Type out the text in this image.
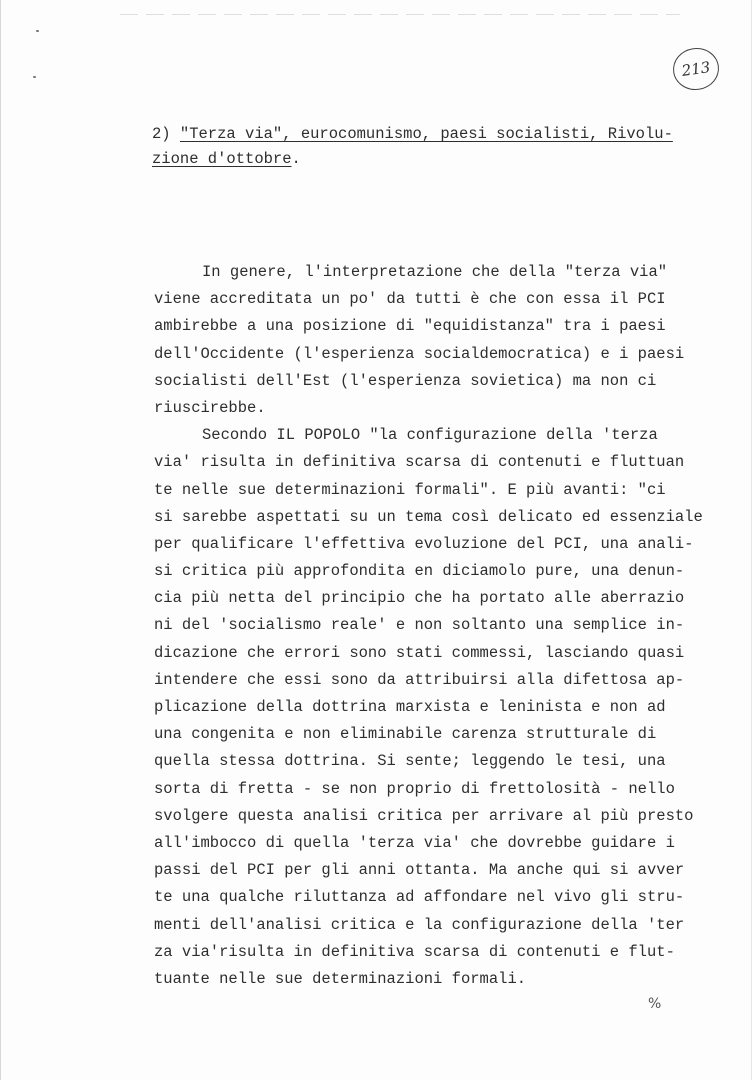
213
2) "Terza via", eurocomunismo, paesi socialisti, Rivolu-
zione d'ottobre.
In genere, l'interpretazione che della "terza via"
viene accreditata un po' da tutti è che con essa il PCI
ambirebbe a una posizione di "equidistanza" tra i paesi
dell'Occidente (l'esperienza socialdemocratica) e i paesi
socialisti dell'Est (l'esperienza sovietica) ma non ci
riuscirebbe.
Secondo IL POPOLO "la configurazione della 'terza
via' risulta in definitiva scarsa di contenuti e fluttuan
te nelle sue determinazioni formali". E più avanti: "ci
si sarebbe aspettati su un tema così delicato ed essenziale
per qualificare l'effettiva evoluzione del PCI, una anali-
si critica più approfondita en diciamolo pure, una denun-
cia più netta del principio che ha portato alle aberrazio
ni del 'socialismo reale' e non soltanto una semplice in-
dicazione che errori sono stati commessi, lasciando quasi
intendere che essi sono da attribuirsi alla difettosa ap-
plicazione della dottrina marxista e leninista e non ad
una congenita e non eliminabile carenza strutturale di
quella stessa dottrina. Si sente; leggendo le tesi, una
sorta di fretta - se non proprio di frettolosità - nello
svolgere questa analisi critica per arrivare al più presto
all'imbocco di quella 'terza via' che dovrebbe guidare i
passi del PCI per gli anni ottanta. Ma anche qui si avver
te una qualche riluttanza ad affondare nel vivo gli stru-
menti dell'analisi critica e la configurazione della 'ter
za via'risulta in definitiva scarsa di contenuti e flut-
tuante nelle sue determinazioni formali.
%
